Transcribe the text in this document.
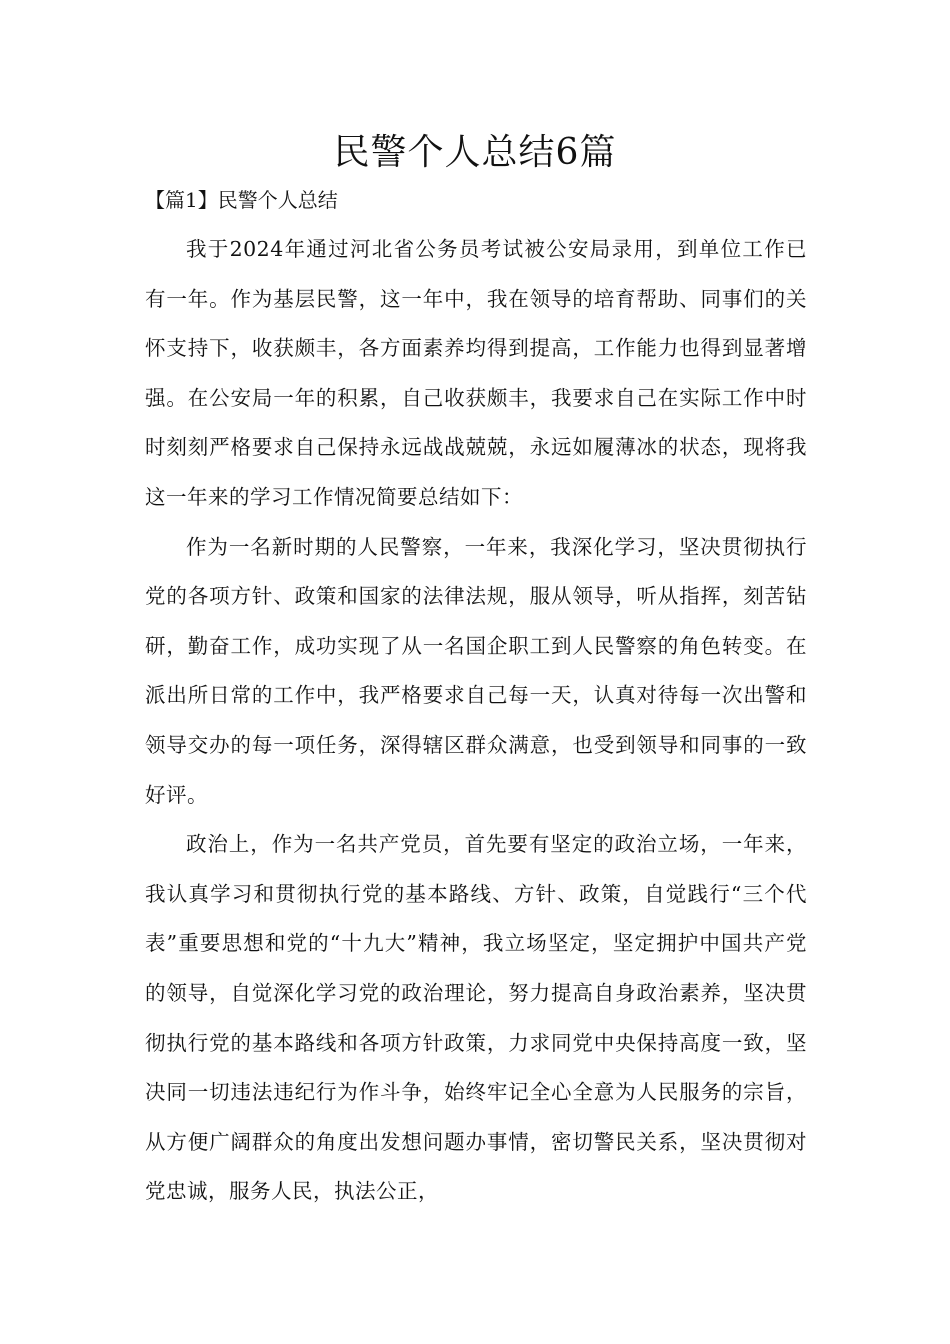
民警个人总结6篇

【篇1】民警个人总结

我于2024年通过河北省公务员考试被公安局录用，到单位工作已有一年。作为基层民警，这一年中，我在领导的培育帮助、同事们的关怀支持下，收获颇丰，各方面素养均得到提高，工作能力也得到显著增强。在公安局一年的积累，自己收获颇丰，我要求自己在实际工作中时时刻刻严格要求自己保持永远战战兢兢，永远如履薄冰的状态，现将我这一年来的学习工作情况简要总结如下：

作为一名新时期的人民警察，一年来，我深化学习，坚决贯彻执行党的各项方针、政策和国家的法律法规，服从领导，听从指挥，刻苦钻研，勤奋工作，成功实现了从一名国企职工到人民警察的角色转变。在派出所日常的工作中，我严格要求自己每一天，认真对待每一次出警和领导交办的每一项任务，深得辖区群众满意，也受到领导和同事的一致好评。

政治上，作为一名共产党员，首先要有坚定的政治立场，一年来，我认真学习和贯彻执行党的基本路线、方针、政策，自觉践行“三个代表”重要思想和党的“十九大”精神，我立场坚定，坚定拥护中国共产党的领导，自觉深化学习党的政治理论，努力提高自身政治素养，坚决贯彻执行党的基本路线和各项方针政策，力求同党中央保持高度一致，坚决同一切违法违纪行为作斗争，始终牢记全心全意为人民服务的宗旨，从方便广阔群众的角度出发想问题办事情，密切警民关系，坚决贯彻对党忠诚，服务人民，执法公正，
